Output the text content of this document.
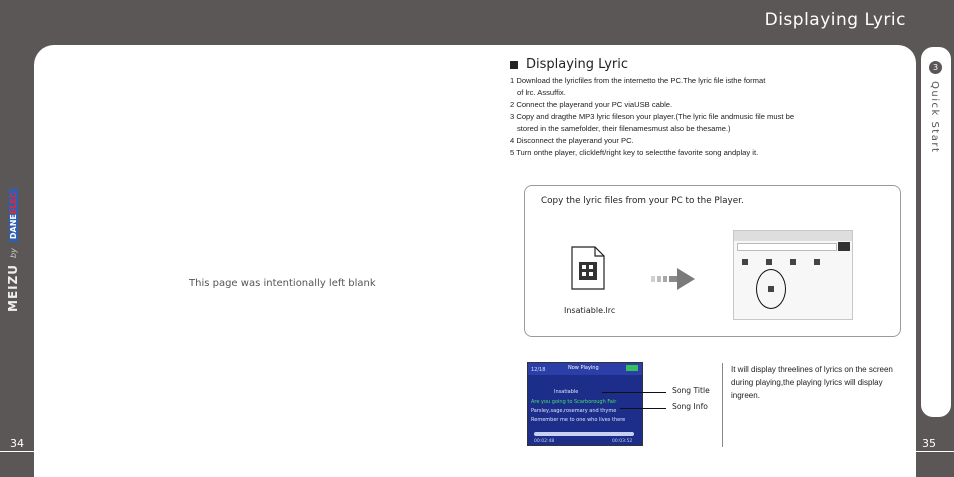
Displaying Lyric
This page was intentionally left blank
MEIZU
by
DANEELEC
34
3
Quick Start
Displaying Lyric
1 Download the lyricfiles from the internetto the PC.The lyric file isthe format
of lrc. Assuffix.
2 Connect the playerand your PC viaUSB cable.
3 Copy and dragthe MP3 lyric fileson your player.(The lyric file andmusic file must be
stored in the samefolder, their filenamesmust also be thesame.)
4 Disconnect the playerand your PC.
5 Turn onthe player, clickleft/right key to selectthe favorite song andplay it.
Copy the lyric files from your PC to the Player.
Insatiable.lrc
Now Playing
12/18
Insatiable
Are you going to Scarborough Fair
Parsley,sage,rosemary and thyme
Remember me to one who lives there
00:02:48	00:03:52
Song Title
Song Info
It will display threelines of lyrics on the screen during playing,the playing lyrics will display ingreen.
35
